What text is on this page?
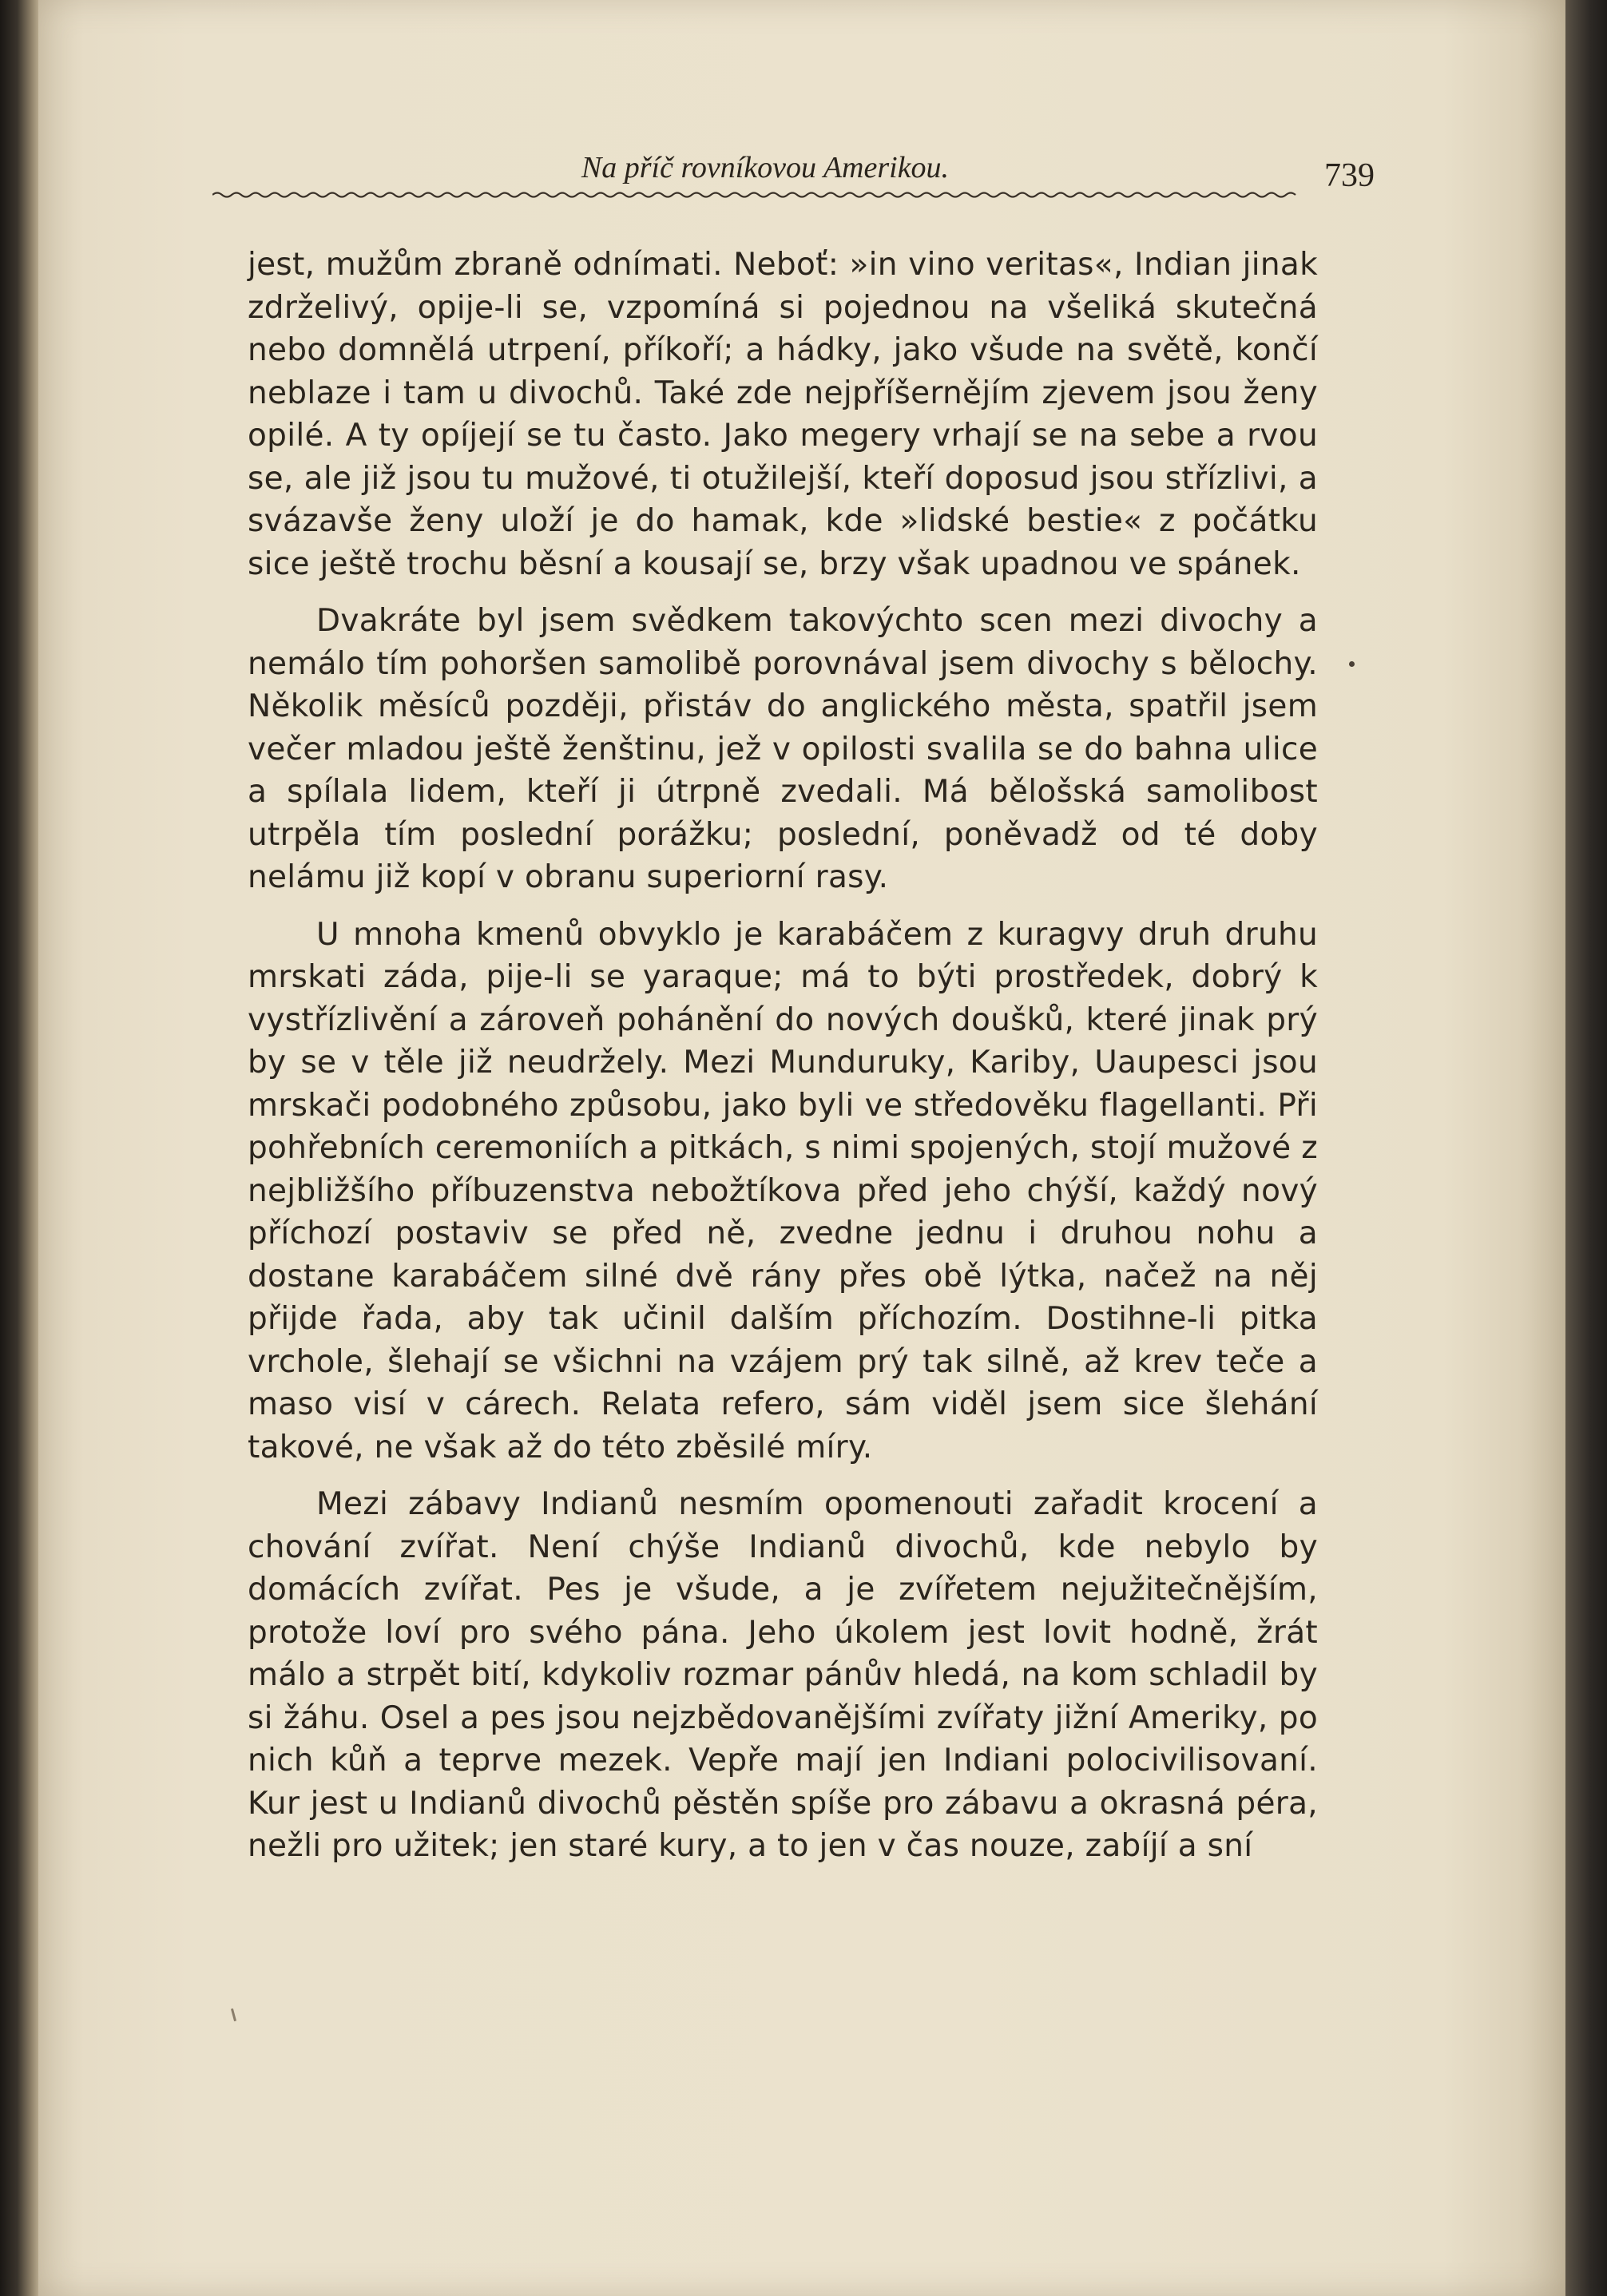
Na příč rovníkovou Amerikou.	739

jest, mužům zbraně odnímati. Neboť: »in vino veritas«, Indian jinak zdrželivý, opije-li se, vzpomíná si pojednou na všeliká skutečná nebo domnělá utrpení, příkoří; a hádky, jako všude na světě, končí neblaze i tam u divochů. Také zde nejpříšernějím zjevem jsou ženy opilé. A ty opíjejí se tu často. Jako megery vrhají se na sebe a rvou se, ale již jsou tu mužové, ti otužilejší, kteří doposud jsou střízlivi, a svázavše ženy uloží je do hamak, kde »lidské bestie« z počátku sice ještě trochu běsní a kousají se, brzy však upadnou ve spánek.

Dvakráte byl jsem svědkem takovýchto scen mezi divochy a nemálo tím pohoršen samolibě porovnával jsem divochy s bělochy. Několik měsíců později, přistáv do anglického města, spatřil jsem večer mladou ještě ženštinu, jež v opilosti svalila se do bahna ulice a spílala lidem, kteří ji útrpně zvedali. Má bělošská samolibost utrpěla tím poslední porážku; poslední, poněvadž od té doby nelámu již kopí v obranu superiorní rasy.

U mnoha kmenů obvyklo je karabáčem z kuragvy druh druhu mrskati záda, pije-li se yaraque; má to býti prostředek, dobrý k vystřízlivění a zároveň pohánění do nových doušků, které jinak prý by se v těle již neudržely. Mezi Munduruky, Kariby, Uaupesci jsou mrskači podobného způsobu, jako byli ve středověku flagellanti. Při pohřebních ceremoniích a pitkách, s nimi spojených, stojí mužové z nejbližšího příbuzenstva nebožtíkova před jeho chýší, každý nový příchozí postaviv se před ně, zvedne jednu i druhou nohu a dostane karabáčem silné dvě rány přes obě lýtka, načež na něj přijde řada, aby tak učinil dalším příchozím. Dostihne-li pitka vrchole, šlehají se všichni na vzájem prý tak silně, až krev teče a maso visí v cárech. Relata refero, sám viděl jsem sice šlehání takové, ne však až do této zběsilé míry.

Mezi zábavy Indianů nesmím opomenouti zařadit krocení a chování zvířat. Není chýše Indianů divochů, kde nebylo by domácích zvířat. Pes je všude, a je zvířetem nejužitečnějším, protože loví pro svého pána. Jeho úkolem jest lovit hodně, žrát málo a strpět bití, kdykoliv rozmar pánův hledá, na kom schladil by si žáhu. Osel a pes jsou nejzbědovanějšími zvířaty jižní Ameriky, po nich kůň a teprve mezek. Vepře mají jen Indiani polocivilisovaní. Kur jest u Indianů divochů pěstěn spíše pro zábavu a okrasná péra, nežli pro užitek; jen staré kury, a to jen v čas nouze, zabíjí a sní
